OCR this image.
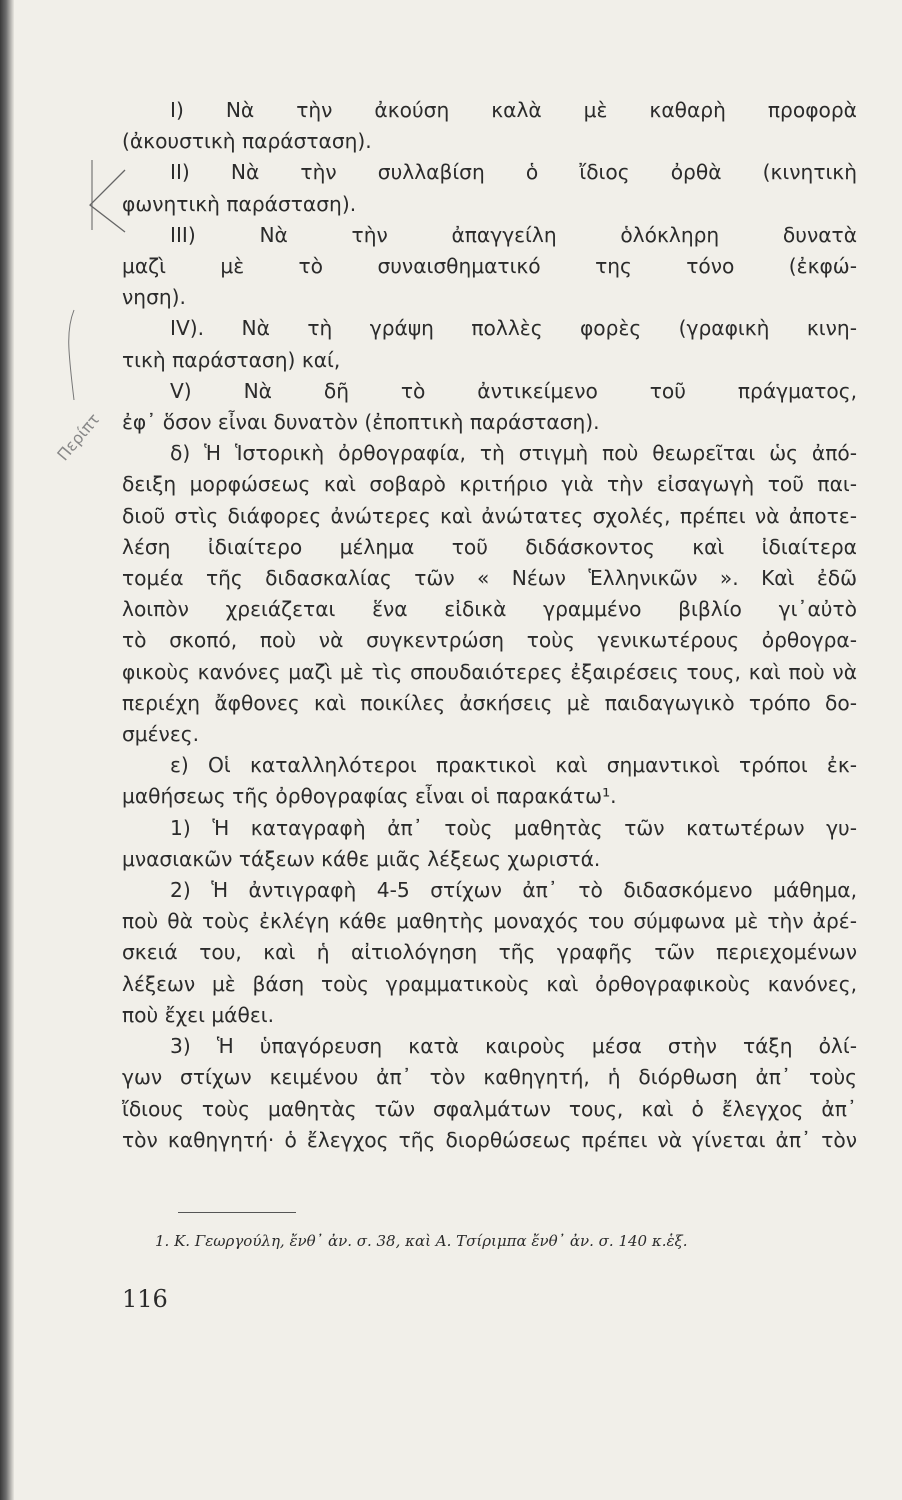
Περίπτ
I) Νὰ τὴν ἀκούση καλὰ μὲ καθαρὴ προφορὰ
(ἀκουστικὴ παράσταση).
II) Νὰ τὴν συλλαβίση ὁ ἴδιος ὀρθὰ (κινητικὴ
φωνητικὴ παράσταση).
III) Νὰ τὴν ἀπαγγείλη ὁλόκληρη δυνατὰ
μαζὶ μὲ τὸ συναισθηματικό της τόνο (ἐκφώ-
νηση).
IV). Νὰ τὴ γράψη πολλὲς φορὲς (γραφικὴ κινη-
τικὴ παράσταση) καί,
V) Νὰ δῆ τὸ ἀντικείμενο τοῦ πράγματος,
ἐφ᾽ ὅσον εἶναι δυνατὸν (ἐποπτικὴ παράσταση).
δ) Ἡ Ἱστορικὴ ὀρθογραφία, τὴ στιγμὴ ποὺ θεωρεῖται ὡς ἀπό-
δειξη μορφώσεως καὶ σοβαρὸ κριτήριο γιὰ τὴν εἰσαγωγὴ τοῦ παι-
διοῦ στὶς διάφορες ἀνώτερες καὶ ἀνώτατες σχολές, πρέπει νὰ ἀποτε-
λέση ἰδιαίτερο μέλημα τοῦ διδάσκοντος καὶ ἰδιαίτερα
τομέα τῆς διδασκαλίας τῶν « Νέων Ἑλληνικῶν ». Καὶ ἐδῶ
λοιπὸν χρειάζεται ἕνα εἰδικὰ γραμμένο βιβλίο γι᾽αὐτὸ
τὸ σκοπό, ποὺ νὰ συγκεντρώση τοὺς γενικωτέρους ὀρθογρα-
φικοὺς κανόνες μαζὶ μὲ τὶς σπουδαιότερες ἐξαιρέσεις τους, καὶ ποὺ νὰ
περιέχη ἄφθονες καὶ ποικίλες ἀσκήσεις μὲ παιδαγωγικὸ τρόπο δο-
σμένες.
ε) Οἱ καταλληλότεροι πρακτικοὶ καὶ σημαντικοὶ τρόποι ἐκ-
μαθήσεως τῆς ὀρθογραφίας εἶναι οἱ παρακάτω¹.
1) Ἡ καταγραφὴ ἀπ᾽ τοὺς μαθητὰς τῶν κατωτέρων γυ-
μνασιακῶν τάξεων κάθε μιᾶς λέξεως χωριστά.
2) Ἡ ἀντιγραφὴ 4-5 στίχων ἀπ᾽ τὸ διδασκόμενο μάθημα,
ποὺ θὰ τοὺς ἐκλέγη κάθε μαθητὴς μοναχός του σύμφωνα μὲ τὴν ἀρέ-
σκειά του, καὶ ἡ αἰτιολόγηση τῆς γραφῆς τῶν περιεχομένων
λέξεων μὲ βάση τοὺς γραμματικοὺς καὶ ὀρθογραφικοὺς κανόνες,
ποὺ ἔχει μάθει.
3) Ἡ ὑπαγόρευση κατὰ καιροὺς μέσα στὴν τάξη ὀλί-
γων στίχων κειμένου ἀπ᾽ τὸν καθηγητή, ἡ διόρθωση ἀπ᾽ τοὺς
ἴδιους τοὺς μαθητὰς τῶν σφαλμάτων τους, καὶ ὁ ἔλεγχος ἀπ᾽
τὸν καθηγητή· ὁ ἔλεγχος τῆς διορθώσεως πρέπει νὰ γίνεται ἀπ᾽ τὸν
1. Κ. Γεωργούλη, ἔνθ᾽ ἀν. σ. 38, καὶ Α. Τσίριμπα ἔνθ᾽ ἀν. σ. 140 κ.ἑξ.
116
